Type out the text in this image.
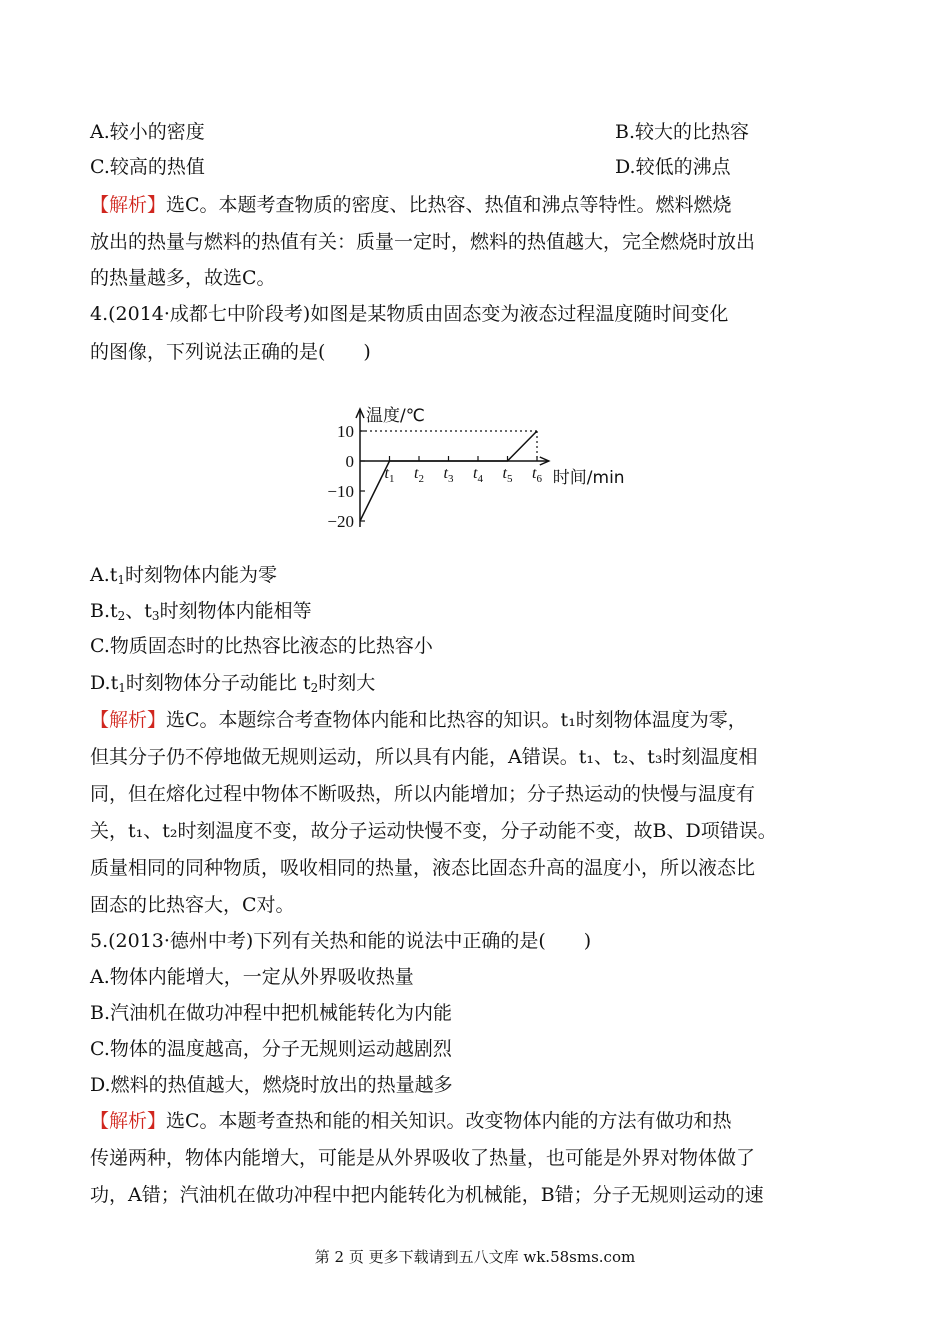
A.较小的密度	B.较大的比热容
C.较高的热值	D.较低的沸点
【解析】选C。本题考查物质的密度、比热容、热值和沸点等特性。燃料燃烧
放出的热量与燃料的热值有关：质量一定时，燃料的热值越大，完全燃烧时放出
的热量越多，故选C。
4.(2014·成都七中阶段考)如图是某物质由固态变为液态过程温度随时间变化
的图像，下列说法正确的是(　　)
温度/℃
时间/min
10
0
−10
−20
$t_1$ $t_2$ $t_3$ $t_4$ $t_5$ $t_6$
$A.t_1$时刻物体内能为零
$B.t_2$、$t_3$时刻物体内能相等
C.物质固态时的比热容比液态的比热容小
$D.t_1$时刻物体分子动能比 $t_2$时刻大
【解析】选C。本题综合考查物体内能和比热容的知识。t₁时刻物体温度为零，
但其分子仍不停地做无规则运动，所以具有内能，A错误。t₁、t₂、t₃时刻温度相
同，但在熔化过程中物体不断吸热，所以内能增加；分子热运动的快慢与温度有
关，t₁、t₂时刻温度不变，故分子运动快慢不变，分子动能不变，故B、D项错误。
质量相同的同种物质，吸收相同的热量，液态比固态升高的温度小，所以液态比
固态的比热容大，C对。
5.(2013·德州中考)下列有关热和能的说法中正确的是(　　)
A.物体内能增大，一定从外界吸收热量
B.汽油机在做功冲程中把机械能转化为内能
C.物体的温度越高，分子无规则运动越剧烈
D.燃料的热值越大，燃烧时放出的热量越多
【解析】选C。本题考查热和能的相关知识。改变物体内能的方法有做功和热
传递两种，物体内能增大，可能是从外界吸收了热量，也可能是外界对物体做了
功，A错；汽油机在做功冲程中把内能转化为机械能，B错；分子无规则运动的速
第 2 页 更多下载请到五八文库 wk.58sms.com
